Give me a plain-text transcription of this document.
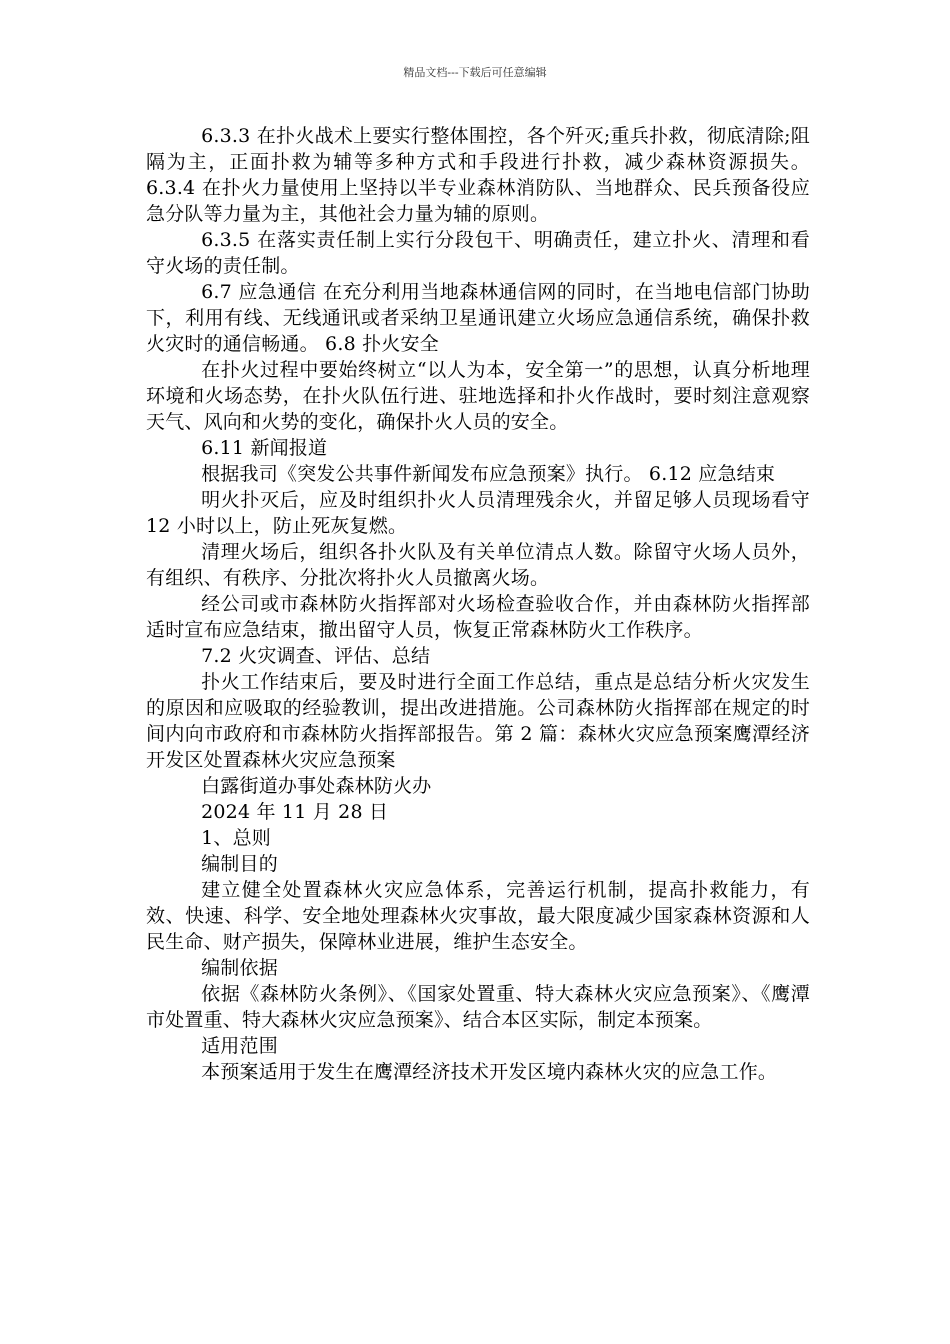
精品文档---下载后可任意编辑

6.3.3 在扑火战术上要实行整体围控，各个歼灭;重兵扑救，彻底清除;阻隔为主，正面扑救为辅等多种方式和手段进行扑救，减少森林资源损失。 6.3.4 在扑火力量使用上坚持以半专业森林消防队、当地群众、民兵预备役应急分队等力量为主，其他社会力量为辅的原则。

6.3.5 在落实责任制上实行分段包干、明确责任，建立扑火、清理和看守火场的责任制。

6.7 应急通信 在充分利用当地森林通信网的同时，在当地电信部门协助下，利用有线、无线通讯或者采纳卫星通讯建立火场应急通信系统，确保扑救火灾时的通信畅通。 6.8 扑火安全

在扑火过程中要始终树立“以人为本，安全第一”的思想，认真分析地理环境和火场态势，在扑火队伍行进、驻地选择和扑火作战时，要时刻注意观察天气、风向和火势的变化，确保扑火人员的安全。

6.11 新闻报道

根据我司《突发公共事件新闻发布应急预案》执行。 6.12 应急结束

明火扑灭后，应及时组织扑火人员清理残余火，并留足够人员现场看守 12 小时以上，防止死灰复燃。

清理火场后，组织各扑火队及有关单位清点人数。除留守火场人员外，有组织、有秩序、分批次将扑火人员撤离火场。

经公司或市森林防火指挥部对火场检查验收合作，并由森林防火指挥部适时宣布应急结束，撤出留守人员，恢复正常森林防火工作秩序。

7.2 火灾调查、评估、总结

扑火工作结束后，要及时进行全面工作总结，重点是总结分析火灾发生的原因和应吸取的经验教训，提出改进措施。公司森林防火指挥部在规定的时间内向市政府和市森林防火指挥部报告。第 2 篇：森林火灾应急预案鹰潭经济开发区处置森林火灾应急预案

白露街道办事处森林防火办

2024 年 11 月 28 日

1、总则

编制目的

建立健全处置森林火灾应急体系，完善运行机制，提高扑救能力，有效、快速、科学、安全地处理森林火灾事故，最大限度减少国家森林资源和人民生命、财产损失，保障林业进展，维护生态安全。

编制依据

依据《森林防火条例》、《国家处置重、特大森林火灾应急预案》、《鹰潭市处置重、特大森林火灾应急预案》、结合本区实际，制定本预案。

适用范围

本预案适用于发生在鹰潭经济技术开发区境内森林火灾的应急工作。
